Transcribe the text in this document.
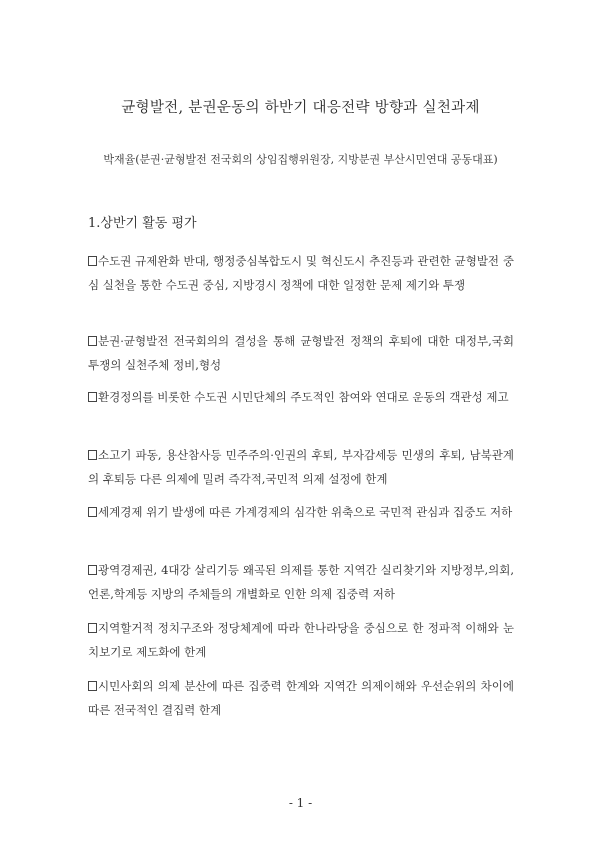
균형발전, 분권운동의 하반기 대응전략 방향과 실천과제
박재율(분권·균형발전 전국회의 상임집행위원장, 지방분권 부산시민연대 공동대표)
1.상반기 활동 평가
수도권 규제완화 반대, 행정중심복합도시 및 혁신도시 추진등과 관련한 균형발전 중심 실천을 통한 수도권 중심, 지방경시 정책에 대한 일정한 문제 제기와 투쟁
분권·균형발전 전국회의의 결성을 통해 균형발전 정책의 후퇴에 대한 대정부,국회 투쟁의 실천주체 정비,형성
환경정의를 비롯한 수도권 시민단체의 주도적인 참여와 연대로 운동의 객관성 제고
소고기 파동, 용산참사등 민주주의·인권의 후퇴, 부자감세등 민생의 후퇴, 남북관계의 후퇴등 다른 의제에 밀려 즉각적,국민적 의제 설정에 한계
세계경제 위기 발생에 따른 가계경제의 심각한 위축으로 국민적 관심과 집중도 저하
광역경제권, 4대강 살리기등 왜곡된 의제를 통한 지역간 실리찾기와 지방정부,의회,언론,학계등 지방의 주체들의 개별화로 인한 의제 집중력 저하
지역할거적 정치구조와 정당체계에 따라 한나라당을 중심으로 한 정파적 이해와 눈치보기로 제도화에 한계
시민사회의 의제 분산에 따른 집중력 한계와 지역간 의제이해와 우선순위의 차이에 따른 전국적인 결집력 한계
- 1 -
